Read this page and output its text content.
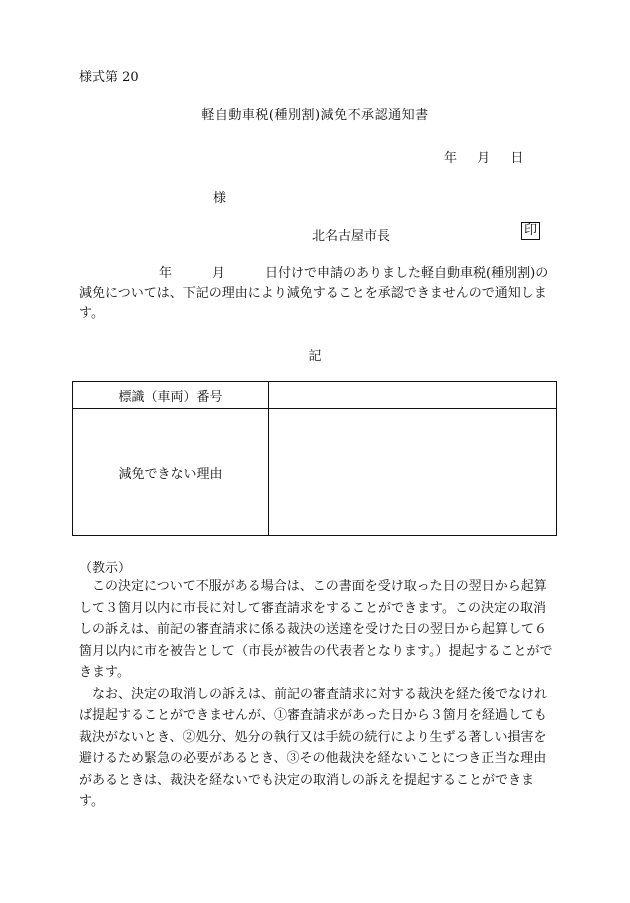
様式第 20
軽自動車税(種別割)減免不承認通知書
年 月 日
様
北名古屋市長	印
年	月	日付けで申請のありました軽自動車税(種別割)の減免については、下記の理由により減免することを承認できませんので通知します。
記
標識（車両）番号	
減免できない理由	
（教示）

この決定について不服がある場合は、この書面を受け取った日の翌日から起算して３箇月以内に市長に対して審査請求をすることができます。この決定の取消しの訴えは、前記の審査請求に係る裁決の送達を受けた日の翌日から起算して６箇月以内に市を被告として（市長が被告の代表者となります。）提起することができます。

なお、決定の取消しの訴えは、前記の審査請求に対する裁決を経た後でなければ提起することができませんが、①審査請求があった日から３箇月を経過しても裁決がないとき、②処分、処分の執行又は手続の続行により生ずる著しい損害を避けるため緊急の必要があるとき、③その他裁決を経ないことにつき正当な理由があるときは、裁決を経ないでも決定の取消しの訴えを提起することができます。
